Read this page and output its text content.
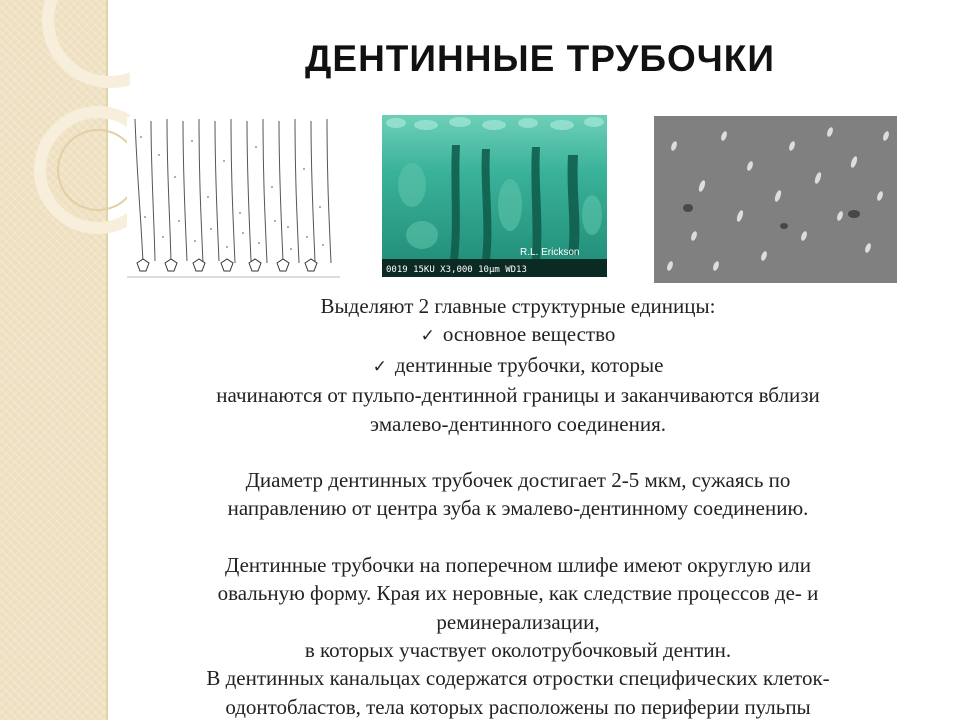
ДЕНТИННЫЕ ТРУБОЧКИ
R.L. Erickson
0019 15KU X3,000 10μm WD13

Выделяют 2 главные структурные единицы:

✓ основное вещество

✓ дентинные трубочки, которые

начинаются от пульпо-дентинной границы и заканчиваются вблизи

эмалево-дентинного соединения.

Диаметр дентинных трубочек достигает 2-5 мкм, сужаясь по

направлению от центра зуба к эмалево-дентинному соединению.

Дентинные трубочки на поперечном шлифе имеют округлую или

овальную форму. Края их неровные, как следствие процессов де- и

реминерализации,

в которых участвует околотрубочковый дентин.

В дентинных канальцах содержатся отростки специфических клеток-

одонтобластов, тела которых расположены по периферии пульпы
